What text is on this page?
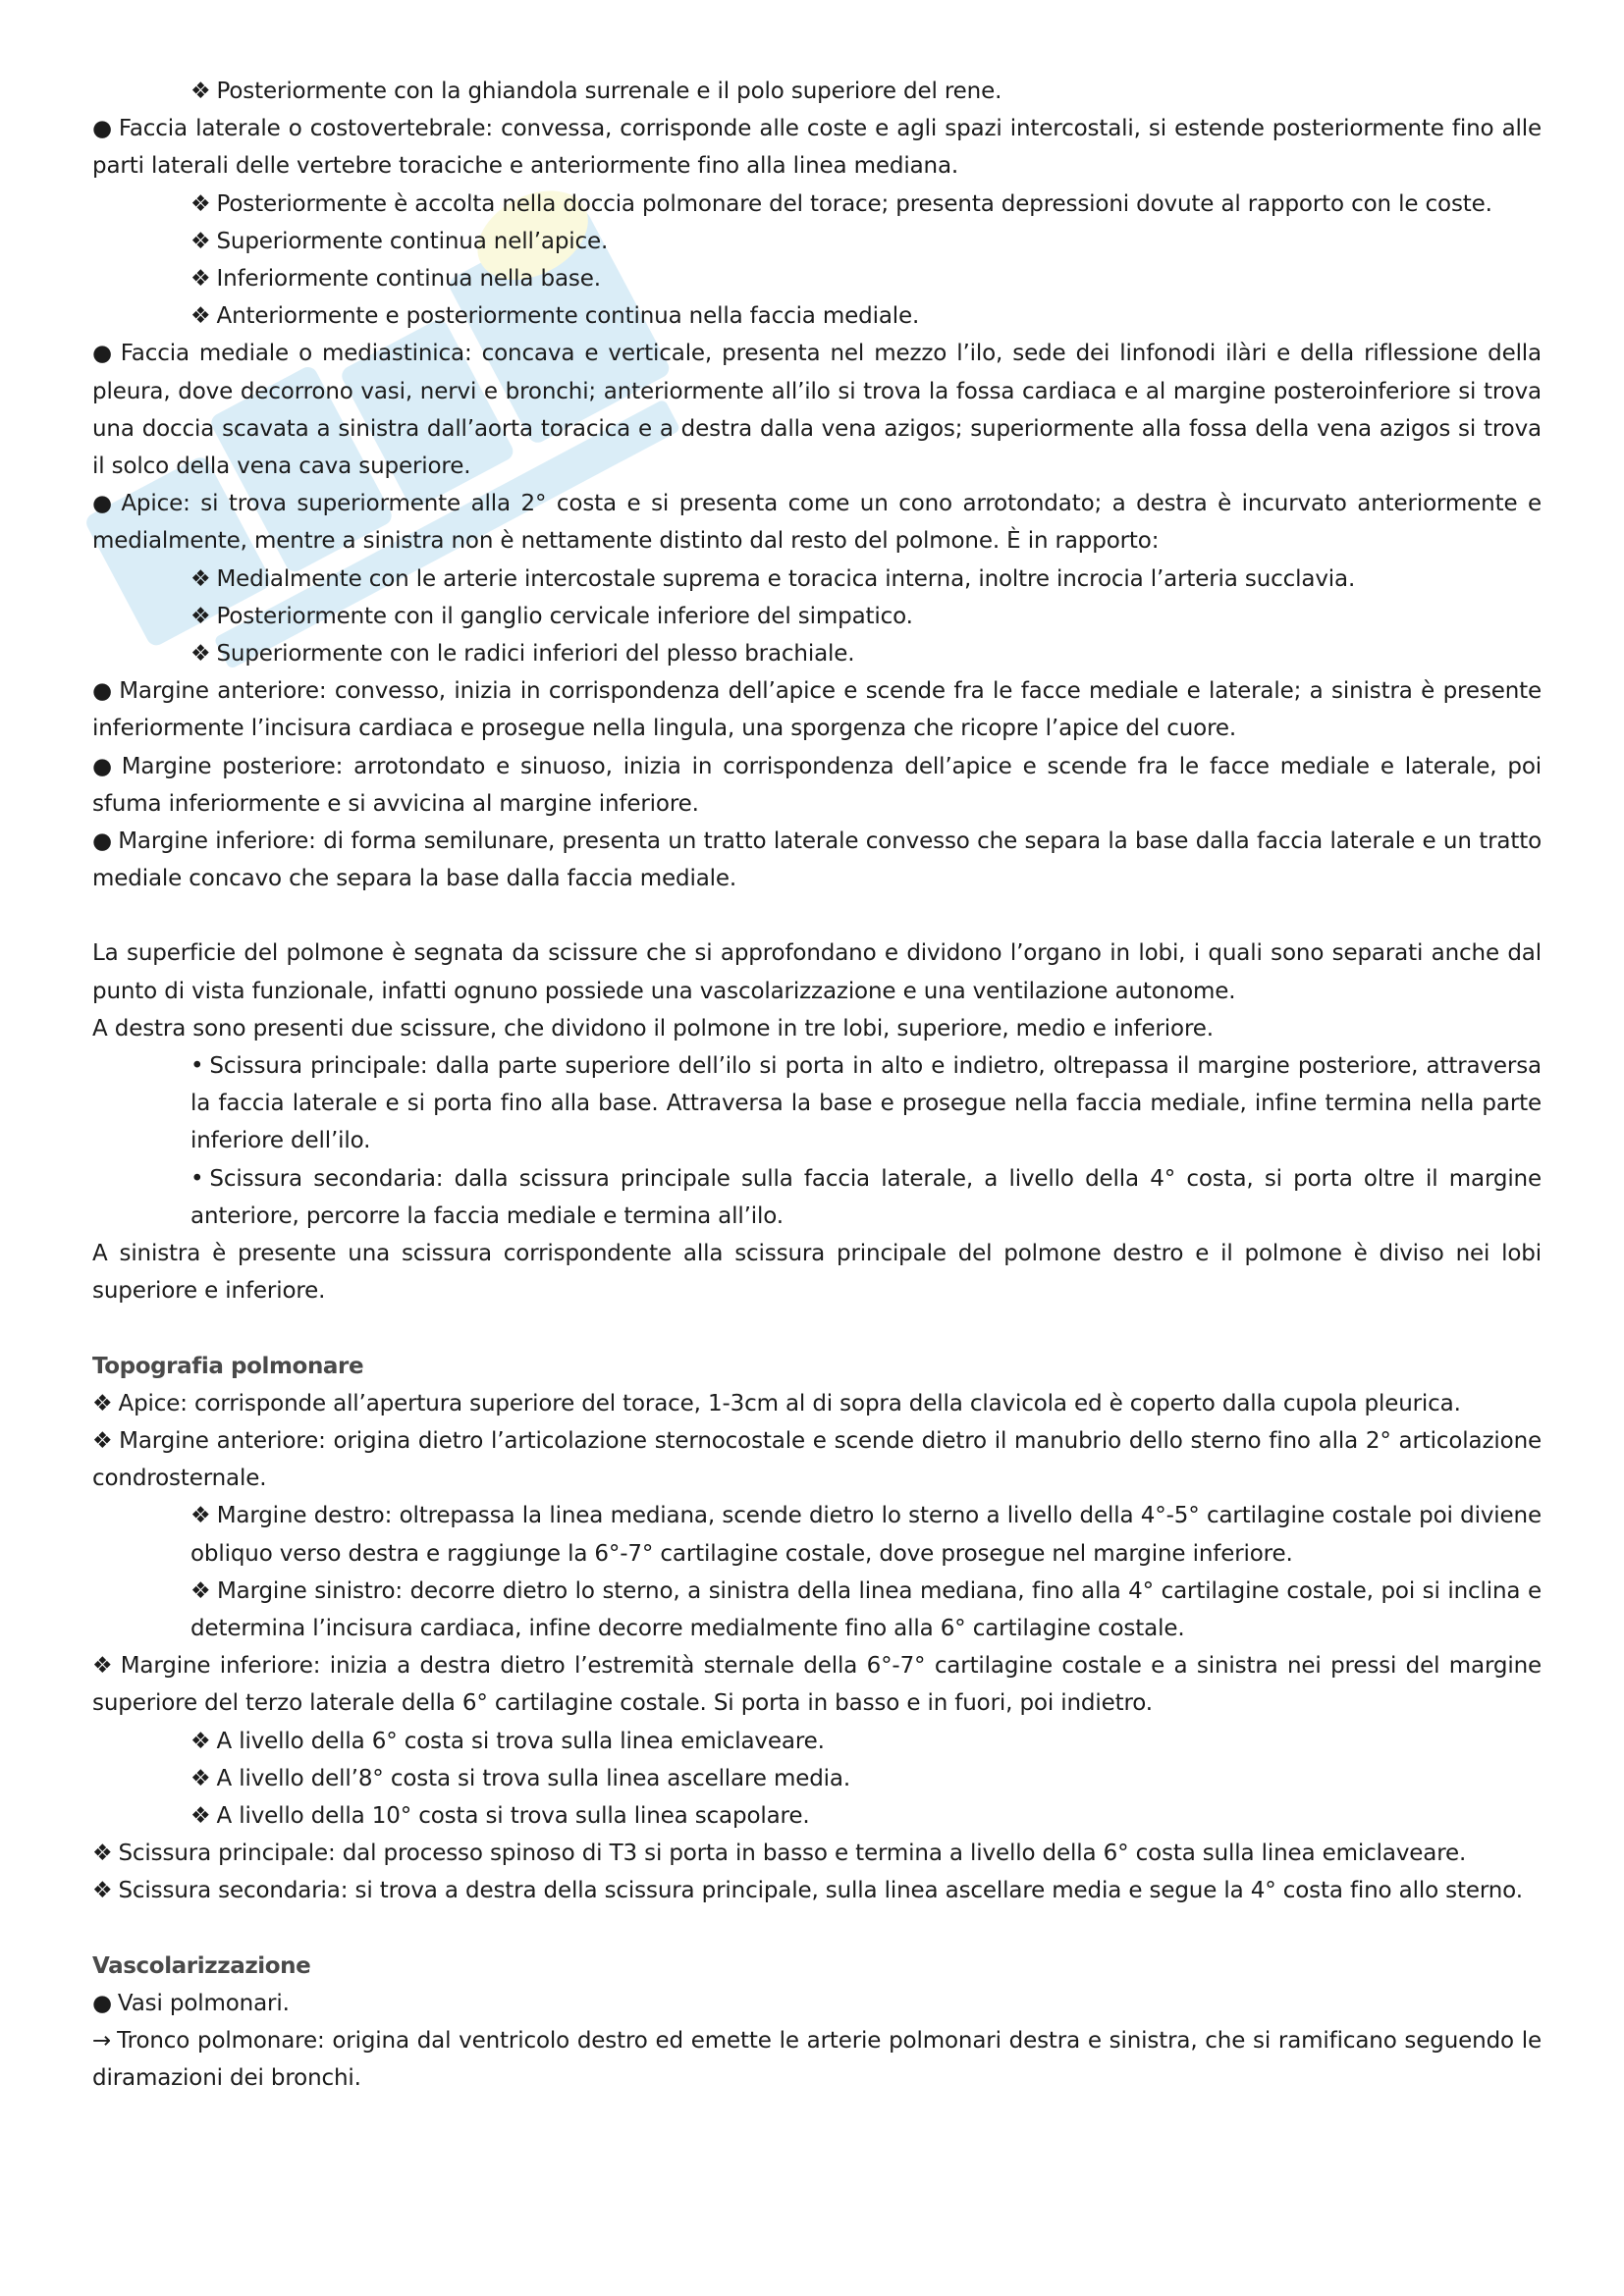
❖ Posteriormente con la ghiandola surrenale e il polo superiore del rene.

● Faccia laterale o costovertebrale: convessa, corrisponde alle coste e agli spazi intercostali, si estende posteriormente fino alle parti laterali delle vertebre toraciche e anteriormente fino alla linea mediana.

❖ Posteriormente è accolta nella doccia polmonare del torace; presenta depressioni dovute al rapporto con le coste.

❖ Superiormente continua nell’apice.

❖ Inferiormente continua nella base.

❖ Anteriormente e posteriormente continua nella faccia mediale.

● Faccia mediale o mediastinica: concava e verticale, presenta nel mezzo l’ilo, sede dei linfonodi ilàri e della riflessione della pleura, dove decorrono vasi, nervi e bronchi; anteriormente all’ilo si trova la fossa cardiaca e al margine posteroinferiore si trova una doccia scavata a sinistra dall’aorta toracica e a destra dalla vena azigos; superiormente alla fossa della vena azigos si trova il solco della vena cava superiore.

● Apice: si trova superiormente alla 2° costa e si presenta come un cono arrotondato; a destra è incurvato anteriormente e medialmente, mentre a sinistra non è nettamente distinto dal resto del polmone. È in rapporto:

❖ Medialmente con le arterie intercostale suprema e toracica interna, inoltre incrocia l’arteria succlavia.

❖ Posteriormente con il ganglio cervicale inferiore del simpatico.

❖ Superiormente con le radici inferiori del plesso brachiale.

● Margine anteriore: convesso, inizia in corrispondenza dell’apice e scende fra le facce mediale e laterale; a sinistra è presente inferiormente l’incisura cardiaca e prosegue nella lingula, una sporgenza che ricopre l’apice del cuore.

● Margine posteriore: arrotondato e sinuoso, inizia in corrispondenza dell’apice e scende fra le facce mediale e laterale, poi sfuma inferiormente e si avvicina al margine inferiore.

● Margine inferiore: di forma semilunare, presenta un tratto laterale convesso che separa la base dalla faccia laterale e un tratto mediale concavo che separa la base dalla faccia mediale.

La superficie del polmone è segnata da scissure che si approfondano e dividono l’organo in lobi, i quali sono separati anche dal punto di vista funzionale, infatti ognuno possiede una vascolarizzazione e una ventilazione autonome.

A destra sono presenti due scissure, che dividono il polmone in tre lobi, superiore, medio e inferiore.

• Scissura principale: dalla parte superiore dell’ilo si porta in alto e indietro, oltrepassa il margine posteriore, attraversa la faccia laterale e si porta fino alla base. Attraversa la base e prosegue nella faccia mediale, infine termina nella parte inferiore dell’ilo.

• Scissura secondaria: dalla scissura principale sulla faccia laterale, a livello della 4° costa, si porta oltre il margine anteriore, percorre la faccia mediale e termina all’ilo.

A sinistra è presente una scissura corrispondente alla scissura principale del polmone destro e il polmone è diviso nei lobi superiore e inferiore.

Topografia polmonare

❖ Apice: corrisponde all’apertura superiore del torace, 1-3cm al di sopra della clavicola ed è coperto dalla cupola pleurica.

❖ Margine anteriore: origina dietro l’articolazione sternocostale e scende dietro il manubrio dello sterno fino alla 2° articolazione condrosternale.

❖ Margine destro: oltrepassa la linea mediana, scende dietro lo sterno a livello della 4°-5° cartilagine costale poi diviene obliquo verso destra e raggiunge la 6°-7° cartilagine costale, dove prosegue nel margine inferiore.

❖ Margine sinistro: decorre dietro lo sterno, a sinistra della linea mediana, fino alla 4° cartilagine costale, poi si inclina e determina l’incisura cardiaca, infine decorre medialmente fino alla 6° cartilagine costale.

❖ Margine inferiore: inizia a destra dietro l’estremità sternale della 6°-7° cartilagine costale e a sinistra nei pressi del margine superiore del terzo laterale della 6° cartilagine costale. Si porta in basso e in fuori, poi indietro.

❖ A livello della 6° costa si trova sulla linea emiclaveare.

❖ A livello dell’8° costa si trova sulla linea ascellare media.

❖ A livello della 10° costa si trova sulla linea scapolare.

❖ Scissura principale: dal processo spinoso di T3 si porta in basso e termina a livello della 6° costa sulla linea emiclaveare.

❖ Scissura secondaria: si trova a destra della scissura principale, sulla linea ascellare media e segue la 4° costa fino allo sterno.

Vascolarizzazione

● Vasi polmonari.

→ Tronco polmonare: origina dal ventricolo destro ed emette le arterie polmonari destra e sinistra, che si ramificano seguendo le diramazioni dei bronchi.
